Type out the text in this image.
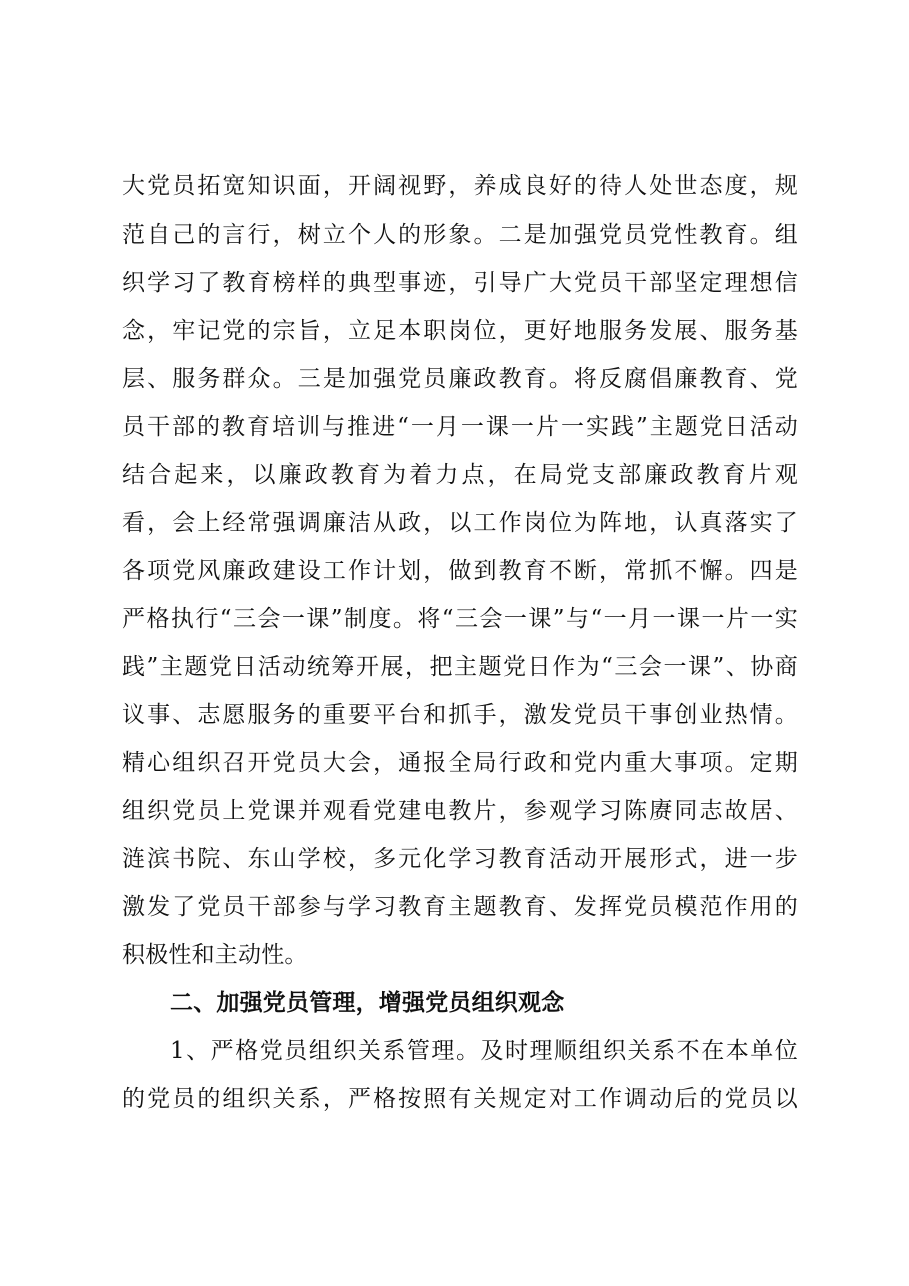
大党员拓宽知识面，开阔视野，养成良好的待人处世态度，规
范自己的言行，树立个人的形象。二是加强党员党性教育。组
织学习了教育榜样的典型事迹，引导广大党员干部坚定理想信
念，牢记党的宗旨，立足本职岗位，更好地服务发展、服务基
层、服务群众。三是加强党员廉政教育。将反腐倡廉教育、党
员干部的教育培训与推进“一月一课一片一实践”主题党日活动
结合起来，以廉政教育为着力点，在局党支部廉政教育片观
看，会上经常强调廉洁从政，以工作岗位为阵地，认真落实了
各项党风廉政建设工作计划，做到教育不断，常抓不懈。四是
严格执行“三会一课”制度。将“三会一课”与“一月一课一片一实
践”主题党日活动统筹开展，把主题党日作为“三会一课”、协商
议事、志愿服务的重要平台和抓手，激发党员干事创业热情。
精心组织召开党员大会，通报全局行政和党内重大事项。定期
组织党员上党课并观看党建电教片，参观学习陈赓同志故居、
涟滨书院、东山学校，多元化学习教育活动开展形式，进一步
激发了党员干部参与学习教育主题教育、发挥党员模范作用的
积极性和主动性。
二、加强党员管理，增强党员组织观念
1、严格党员组织关系管理。及时理顺组织关系不在本单位
的党员的组织关系，严格按照有关规定对工作调动后的党员以
